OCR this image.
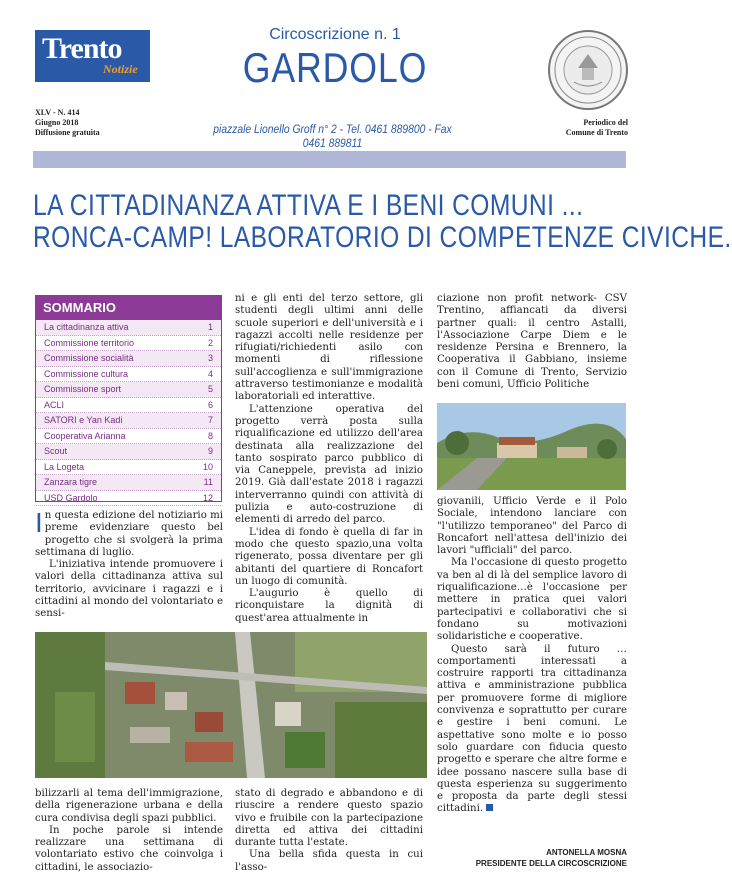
Trento
Notizie
XLV - N. 414
Giugno 2018
Diffusione gratuita
Circoscrizione n. 1
GARDOLO
piazzale Lionello Groff n° 2 - Tel. 0461 889800 - Fax 0461 889811
Periodico del
Comune di Trento
LA CITTADINANZA ATTIVA E I BENI COMUNI ...
RONCA-CAMP! LABORATORIO DI COMPETENZE CIVICHE.
SOMMARIO
La cittadinanza attiva	1
Commissione territorio	2
Commissione socialità	3
Commissione cultura	4
Commissione sport	5
ACLI	6
SATORI e Yan Kadi	7
Cooperativa Arianna	8
Scout	9
La Logeta	10
Zanzara tigre	11
USD Gardolo	12

In questa edizione del notiziario mi preme evidenziare questo bel progetto che si svolgerà la prima settimana di luglio.

L'iniziativa intende promuovere i valori della cittadinanza attiva sul territorio, avvicinare i ragazzi e i cittadini al mondo del volontariato e sensi-

ni e gli enti del terzo settore, gli studenti degli ultimi anni delle scuole superiori e dell'università e i ragazzi accolti nelle residenze per rifugiati/richiedenti asilo con momenti di riflessione sull'accoglienza e sull'immigrazione attraverso testimonianze e modalità laboratoriali ed interattive.

L'attenzione operativa del progetto verrà posta sulla riqualificazione ed utilizzo dell'area destinata alla realizzazione del tanto sospirato parco pubblico di via Caneppele, prevista ad inizio 2019. Già dall'estate 2018 i ragazzi interverranno quindi con attività di pulizia e auto-costruzione di elementi di arredo del parco.

L'idea di fondo è quella di far in modo che questo spazio,una volta rigenerato, possa diventare per gli abitanti del quartiere di Roncafort un luogo di comunità.

L'augurio è quello di riconquistare la dignità di quest'area attualmente in

ciazione non profit network- CSV Trentino, affiancati da diversi partner quali: il centro Astalli, l'Associazione Carpe Diem e le residenze Persina e Brennero, la Cooperativa il Gabbiano, insieme con il Comune di Trento, Servizio beni comuni, Ufficio Politiche

giovanili, Ufficio Verde e il Polo Sociale, intendono lanciare con "l'utilizzo temporaneo" del Parco di Roncafort nell'attesa dell'inizio dei lavori "ufficiali" del parco.

Ma l'occasione di questo progetto va ben al di là del semplice lavoro di riqualificazione…è l'occasione per mettere in pratica quei valori partecipativi e collaborativi che si fondano su motivazioni solidaristiche e cooperative.

Questo sarà il futuro … comportamenti interessati a costruire rapporti tra cittadinanza attiva e amministrazione pubblica per promuovere forme di migliore convivenza e soprattutto per curare e gestire i beni comuni. Le aspettative sono molte e io posso solo guardare con fiducia questo progetto e sperare che altre forme e idee possano nascere sulla base di questa esperienza su suggerimento e proposta da parte degli stessi cittadini.

bilizzarli al tema dell'immigrazione, della rigenerazione urbana e della cura condivisa degli spazi pubblici.

In poche parole si intende realizzare una settimana di volontariato estivo che coinvolga i cittadini, le associazio-

stato di degrado e abbandono e di riuscire a rendere questo spazio vivo e fruibile con la partecipazione diretta ed attiva dei cittadini durante tutta l'estate.

Una bella sfida questa in cui l'asso-

ANTONELLA MOSNA
PRESIDENTE DELLA CIRCOSCRIZIONE
